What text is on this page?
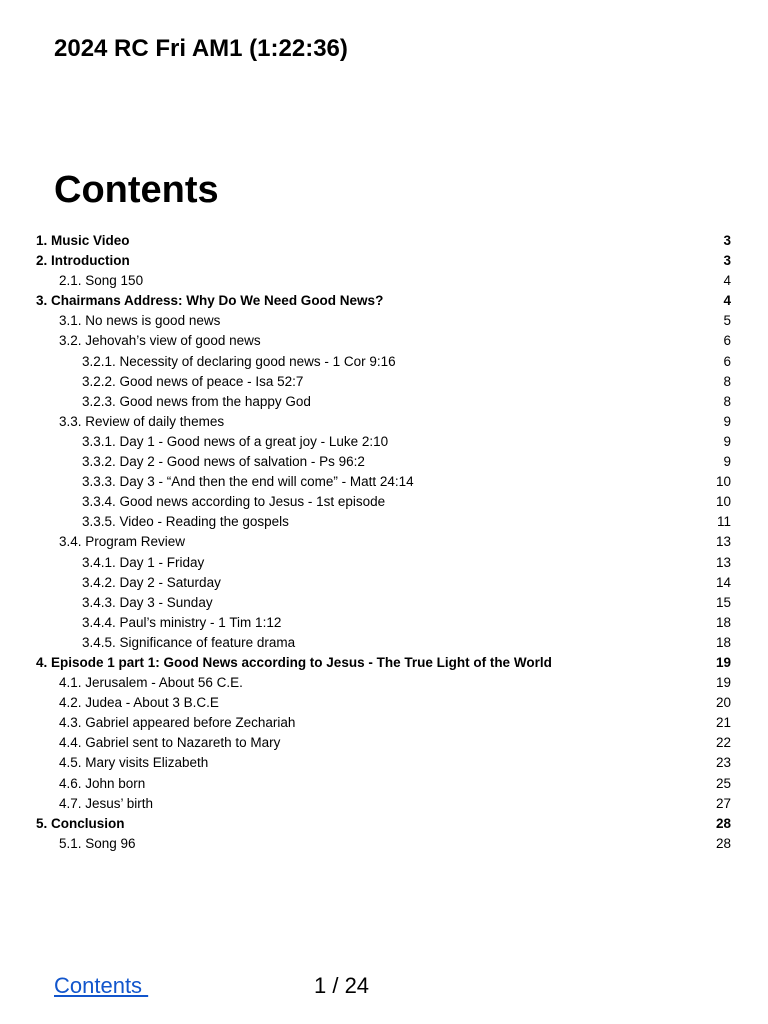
2024 RC Fri AM1 (1:22:36)
Contents
1. Music Video	3
2. Introduction	3
2.1. Song 150	4
3. Chairmans Address: Why Do We Need Good News?	4
3.1. No news is good news	5
3.2. Jehovah’s view of good news	6
3.2.1. Necessity of declaring good news - 1 Cor 9:16	6
3.2.2. Good news of peace - Isa 52:7	8
3.2.3. Good news from the happy God	8
3.3. Review of daily themes	9
3.3.1. Day 1 - Good news of a great joy - Luke 2:10	9
3.3.2. Day 2 - Good news of salvation - Ps 96:2	9
3.3.3. Day 3 - “And then the end will come” - Matt 24:14	10
3.3.4. Good news according to Jesus - 1st episode	10
3.3.5. Video - Reading the gospels	11
3.4. Program Review	13
3.4.1. Day 1 - Friday	13
3.4.2. Day 2 - Saturday	14
3.4.3. Day 3 - Sunday	15
3.4.4. Paul’s ministry - 1 Tim 1:12	18
3.4.5. Significance of feature drama	18
4. Episode 1 part 1: Good News according to Jesus - The True Light of the World	19
4.1. Jerusalem - About 56 C.E.	19
4.2. Judea - About 3 B.C.E	20
4.3. Gabriel appeared before Zechariah	21
4.4. Gabriel sent to Nazareth to Mary	22
4.5. Mary visits Elizabeth	23
4.6. John born	25
4.7. Jesus’ birth	27
5. Conclusion	28
5.1. Song 96	28
Contents	1 / 24
